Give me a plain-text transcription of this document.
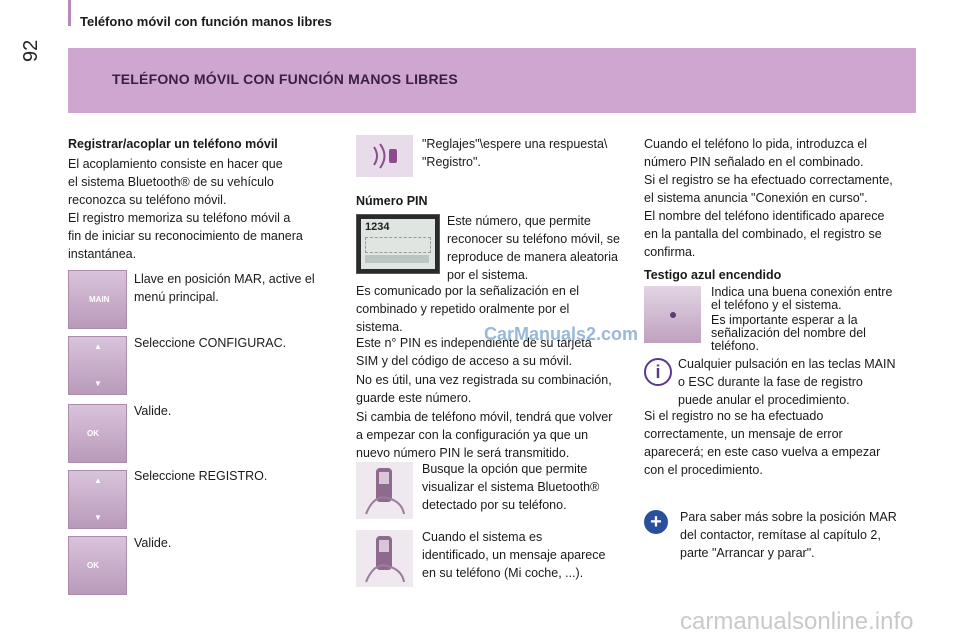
92
Teléfono móvil con función manos libres
TELÉFONO MÓVIL CON FUNCIÓN MANOS LIBRES
Registrar/acoplar un teléfono móvil
El acoplamiento consiste en hacer que
el sistema Bluetooth® de su vehículo
reconozca su teléfono móvil.
El registro memoriza su teléfono móvil a
fin de iniciar su reconocimiento de manera
instantánea.
MAIN
Llave en posición MAR, active el
menú principal.
▲
▼
Seleccione CONFIGURAC.
OK
Valide.
▲
▼
Seleccione REGISTRO.
OK
Valide.
"Reglajes"\espere una respuesta\
"Registro".
Número PIN
1234	Este número, que permite
reconocer su teléfono móvil, se
reproduce de manera aleatoria
por el sistema.
Es comunicado por la señalización en el
combinado y repetido oralmente por el
sistema.
Este n° PIN es independiente de su tarjeta
SIM y del código de acceso a su móvil.
No es útil, una vez registrada su combinación,
guarde este número.
Si cambia de teléfono móvil, tendrá que volver
a empezar con la configuración ya que un
nuevo número PIN le será transmitido.
Busque la opción que permite
visualizar el sistema Bluetooth®
detectado por su teléfono.
Cuando el sistema es
identificado, un mensaje aparece
en su teléfono (Mi coche, ...).
CarManuals2.com
Cuando el teléfono lo pida, introduzca el
número PIN señalado en el combinado.
Si el registro se ha efectuado correctamente,
el sistema anuncia "Conexión en curso".
El nombre del teléfono identificado aparece
en la pantalla del combinado, el registro se
confirma.
Testigo azul encendido
Indica una buena conexión entre
el teléfono y el sistema.
Es importante esperar a la
señalización del nombre del
teléfono.
i	Cualquier pulsación en las teclas MAIN
o ESC durante la fase de registro
puede anular el procedimiento.
Si el registro no se ha efectuado
correctamente, un mensaje de error
aparecerá; en este caso vuelva a empezar
con el procedimiento.
+	Para saber más sobre la posición MAR
del contactor, remítase al capítulo 2,
parte "Arrancar y parar".
carmanualsonline.info
